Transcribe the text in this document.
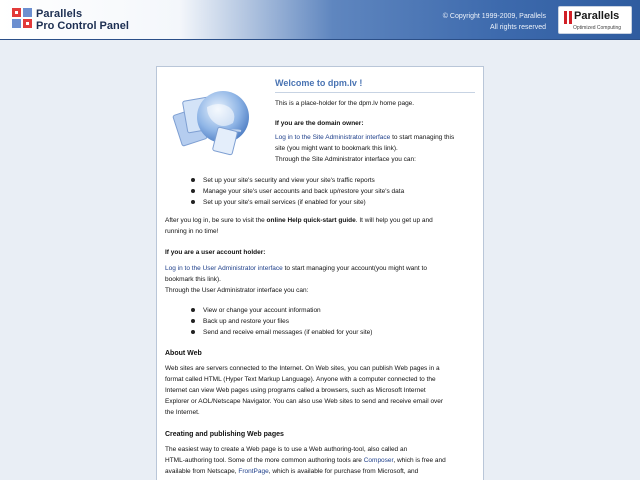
Parallels
Pro Control Panel
© Copyright 1999-2009, Parallels
All rights reserved
Parallels
Optimized Computing
Welcome to dpm.lv !
This is a place-holder for the dpm.lv home page.
If you are the domain owner:
Log in to the Site Administrator interface to start managing this
site (you might want to bookmark this link).
Through the Site Administrator interface you can:
Set up your site's security and view your site's traffic reports
Manage your site's user accounts and back up/restore your site's data
Set up your site's email services (if enabled for your site)
After you log in, be sure to visit the online Help quick-start guide. It will help you get up and
running in no time!
If you are a user account holder:
Log in to the User Administrator interface to start managing your account(you might want to
bookmark this link).
Through the User Administrator interface you can:
View or change your account information
Back up and restore your files
Send and receive email messages (if enabled for your site)
About Web
Web sites are servers connected to the Internet. On Web sites, you can publish Web pages in a
format called HTML (Hyper Text Markup Language). Anyone with a computer connected to the
Internet can view Web pages using programs called a browsers, such as Microsoft Internet
Explorer or AOL/Netscape Navigator. You can also use Web sites to send and receive email over
the Internet.
Creating and publishing Web pages
The easiest way to create a Web page is to use a Web authoring-tool, also called an
HTML-authoring tool. Some of the more common authoring tools are Composer, which is free and
available from Netscape, FrontPage, which is available for purchase from Microsoft, and
